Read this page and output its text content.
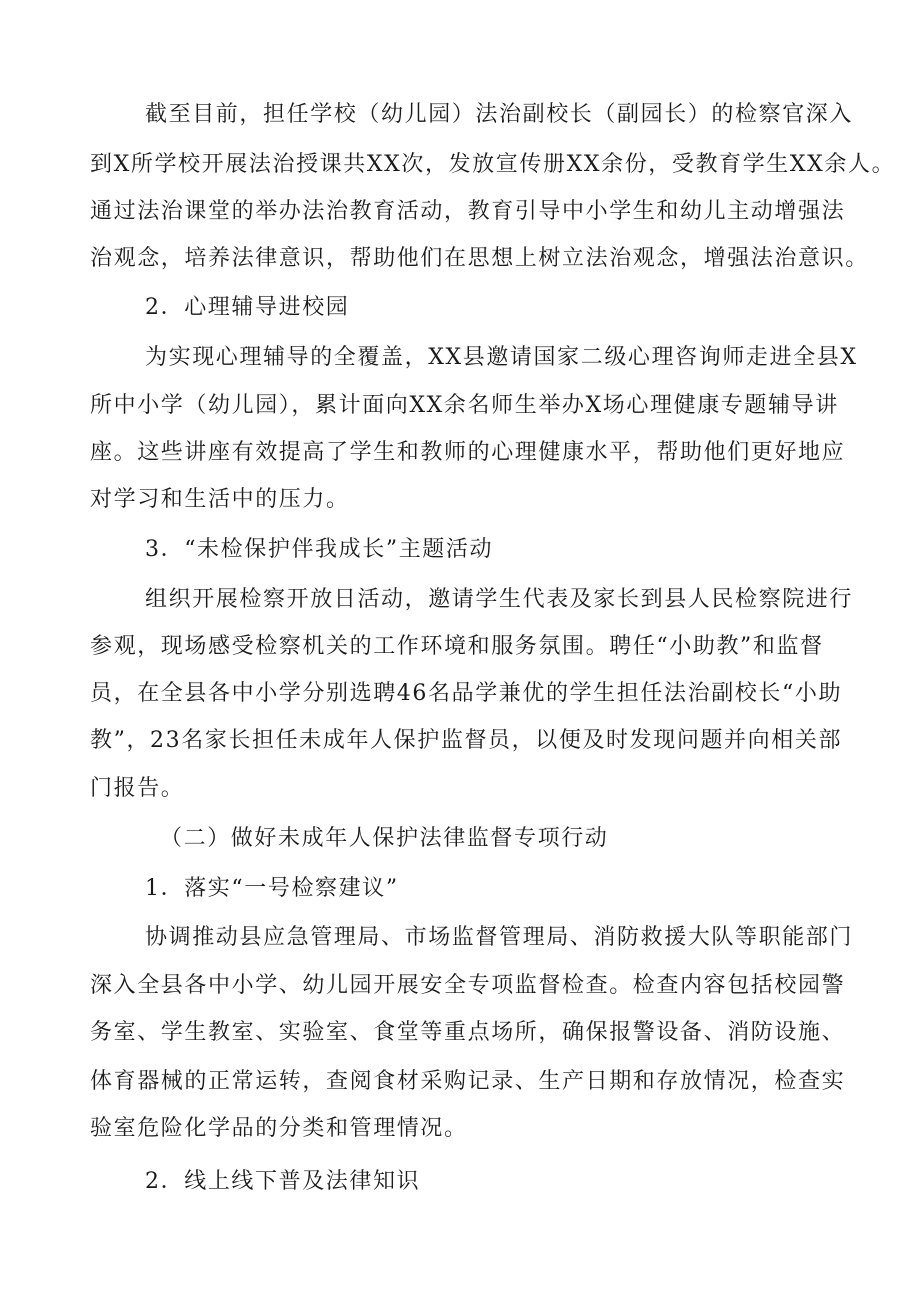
截至目前，担任学校（幼儿园）法治副校长（副园长）的检察官深入
到X所学校开展法治授课共XX次，发放宣传册XX余份，受教育学生XX余人。
通过法治课堂的举办法治教育活动，教育引导中小学生和幼儿主动增强法
治观念，培养法律意识，帮助他们在思想上树立法治观念，增强法治意识。
2．心理辅导进校园
为实现心理辅导的全覆盖，XX县邀请国家二级心理咨询师走进全县X
所中小学（幼儿园），累计面向XX余名师生举办X场心理健康专题辅导讲
座。这些讲座有效提高了学生和教师的心理健康水平，帮助他们更好地应
对学习和生活中的压力。
3．“未检保护伴我成长”主题活动
组织开展检察开放日活动，邀请学生代表及家长到县人民检察院进行
参观，现场感受检察机关的工作环境和服务氛围。聘任“小助教”和监督
员，在全县各中小学分别选聘46名品学兼优的学生担任法治副校长“小助
教”，23名家长担任未成年人保护监督员，以便及时发现问题并向相关部
门报告。
（二）做好未成年人保护法律监督专项行动
1．落实“一号检察建议”
协调推动县应急管理局、市场监督管理局、消防救援大队等职能部门
深入全县各中小学、幼儿园开展安全专项监督检查。检查内容包括校园警
务室、学生教室、实验室、食堂等重点场所，确保报警设备、消防设施、
体育器械的正常运转，查阅食材采购记录、生产日期和存放情况，检查实
验室危险化学品的分类和管理情况。
2．线上线下普及法律知识
